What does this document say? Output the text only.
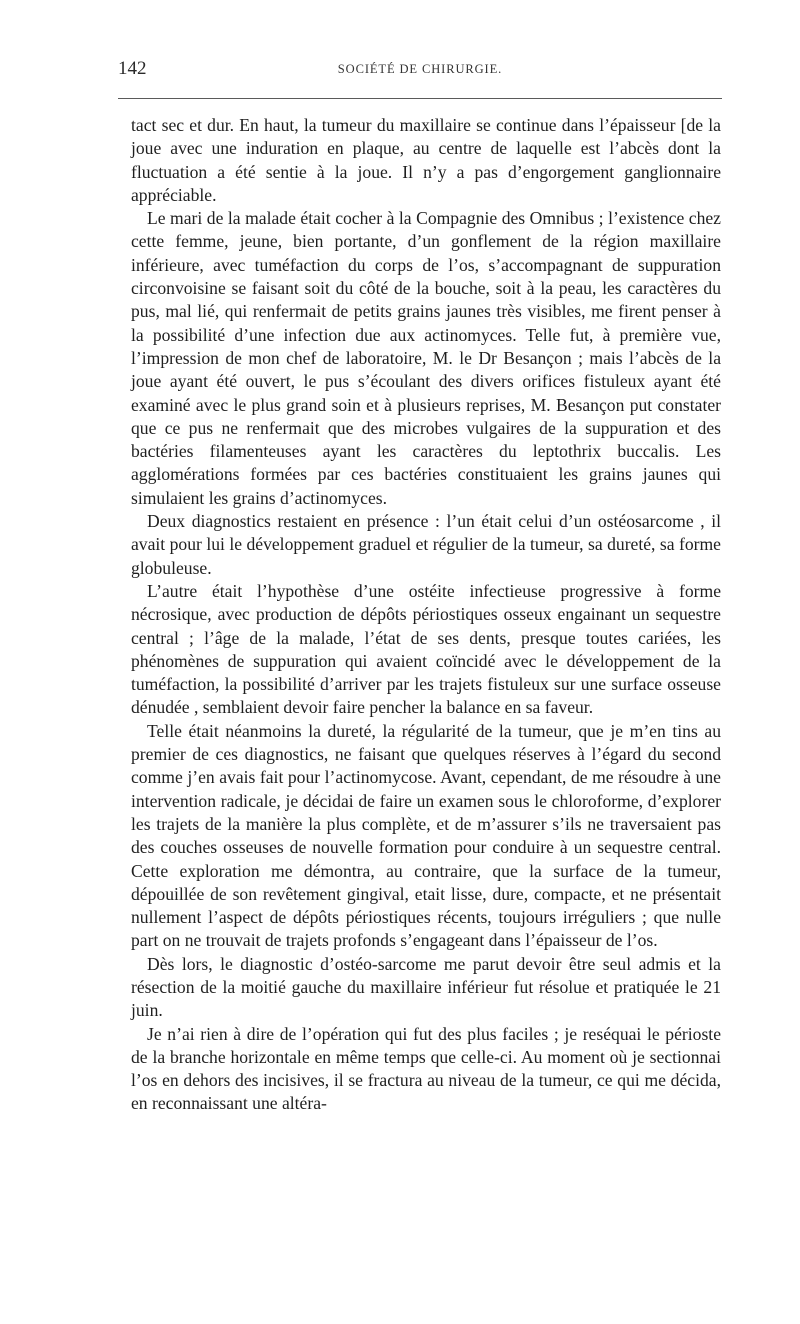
142	SOCIÉTÉ DE CHIRURGIE.

tact sec et dur. En haut, la tumeur du maxillaire se continue dans l’épaisseur [de la joue avec une induration en plaque, au centre de laquelle est l’abcès dont la fluctuation a été sentie à la joue. Il n’y a pas d’engorgement ganglionnaire appréciable.

Le mari de la malade était cocher à la Compagnie des Omnibus ; l’existence chez cette femme, jeune, bien portante, d’un gonflement de la région maxillaire inférieure, avec tuméfaction du corps de l’os, s’accompagnant de suppuration circonvoisine se faisant soit du côté de la bouche, soit à la peau, les caractères du pus, mal lié, qui renfermait de petits grains jaunes très visibles, me firent penser à la possibilité d’une infection due aux actinomyces. Telle fut, à première vue, l’impression de mon chef de laboratoire, M. le Dr Besançon ; mais l’abcès de la joue ayant été ouvert, le pus s’écoulant des divers orifices fistuleux ayant été examiné avec le plus grand soin et à plusieurs reprises, M. Besançon put constater que ce pus ne renfermait que des microbes vulgaires de la suppuration et des bactéries filamenteuses ayant les caractères du leptothrix buccalis. Les agglomérations formées par ces bactéries constituaient les grains jaunes qui simulaient les grains d’actinomyces.

Deux diagnostics restaient en présence : l’un était celui d’un ostéosarcome , il avait pour lui le développement graduel et régulier de la tumeur, sa dureté, sa forme globuleuse.

L’autre était l’hypothèse d’une ostéite infectieuse progressive à forme nécrosique, avec production de dépôts périostiques osseux engainant un sequestre central ; l’âge de la malade, l’état de ses dents, presque toutes cariées, les phénomènes de suppuration qui avaient coïncidé avec le développement de la tuméfaction, la possibilité d’arriver par les trajets fistuleux sur une surface osseuse dénudée , semblaient devoir faire pencher la balance en sa faveur.

Telle était néanmoins la dureté, la régularité de la tumeur, que je m’en tins au premier de ces diagnostics, ne faisant que quelques réserves à l’égard du second comme j’en avais fait pour l’actinomycose. Avant, cependant, de me résoudre à une intervention radicale, je décidai de faire un examen sous le chloroforme, d’explorer les trajets de la manière la plus complète, et de m’assurer s’ils ne traversaient pas des couches osseuses de nouvelle formation pour conduire à un sequestre central. Cette exploration me démontra, au contraire, que la surface de la tumeur, dépouillée de son revêtement gingival, etait lisse, dure, compacte, et ne présentait nullement l’aspect de dépôts périostiques récents, toujours irréguliers ; que nulle part on ne trouvait de trajets profonds s’engageant dans l’épaisseur de l’os.

Dès lors, le diagnostic d’ostéo-sarcome me parut devoir être seul admis et la résection de la moitié gauche du maxillaire inférieur fut résolue et pratiquée le 21 juin.

Je n’ai rien à dire de l’opération qui fut des plus faciles ; je reséquai le périoste de la branche horizontale en même temps que celle-ci. Au moment où je sectionnai l’os en dehors des incisives, il se fractura au niveau de la tumeur, ce qui me décida, en reconnaissant une altéra-
